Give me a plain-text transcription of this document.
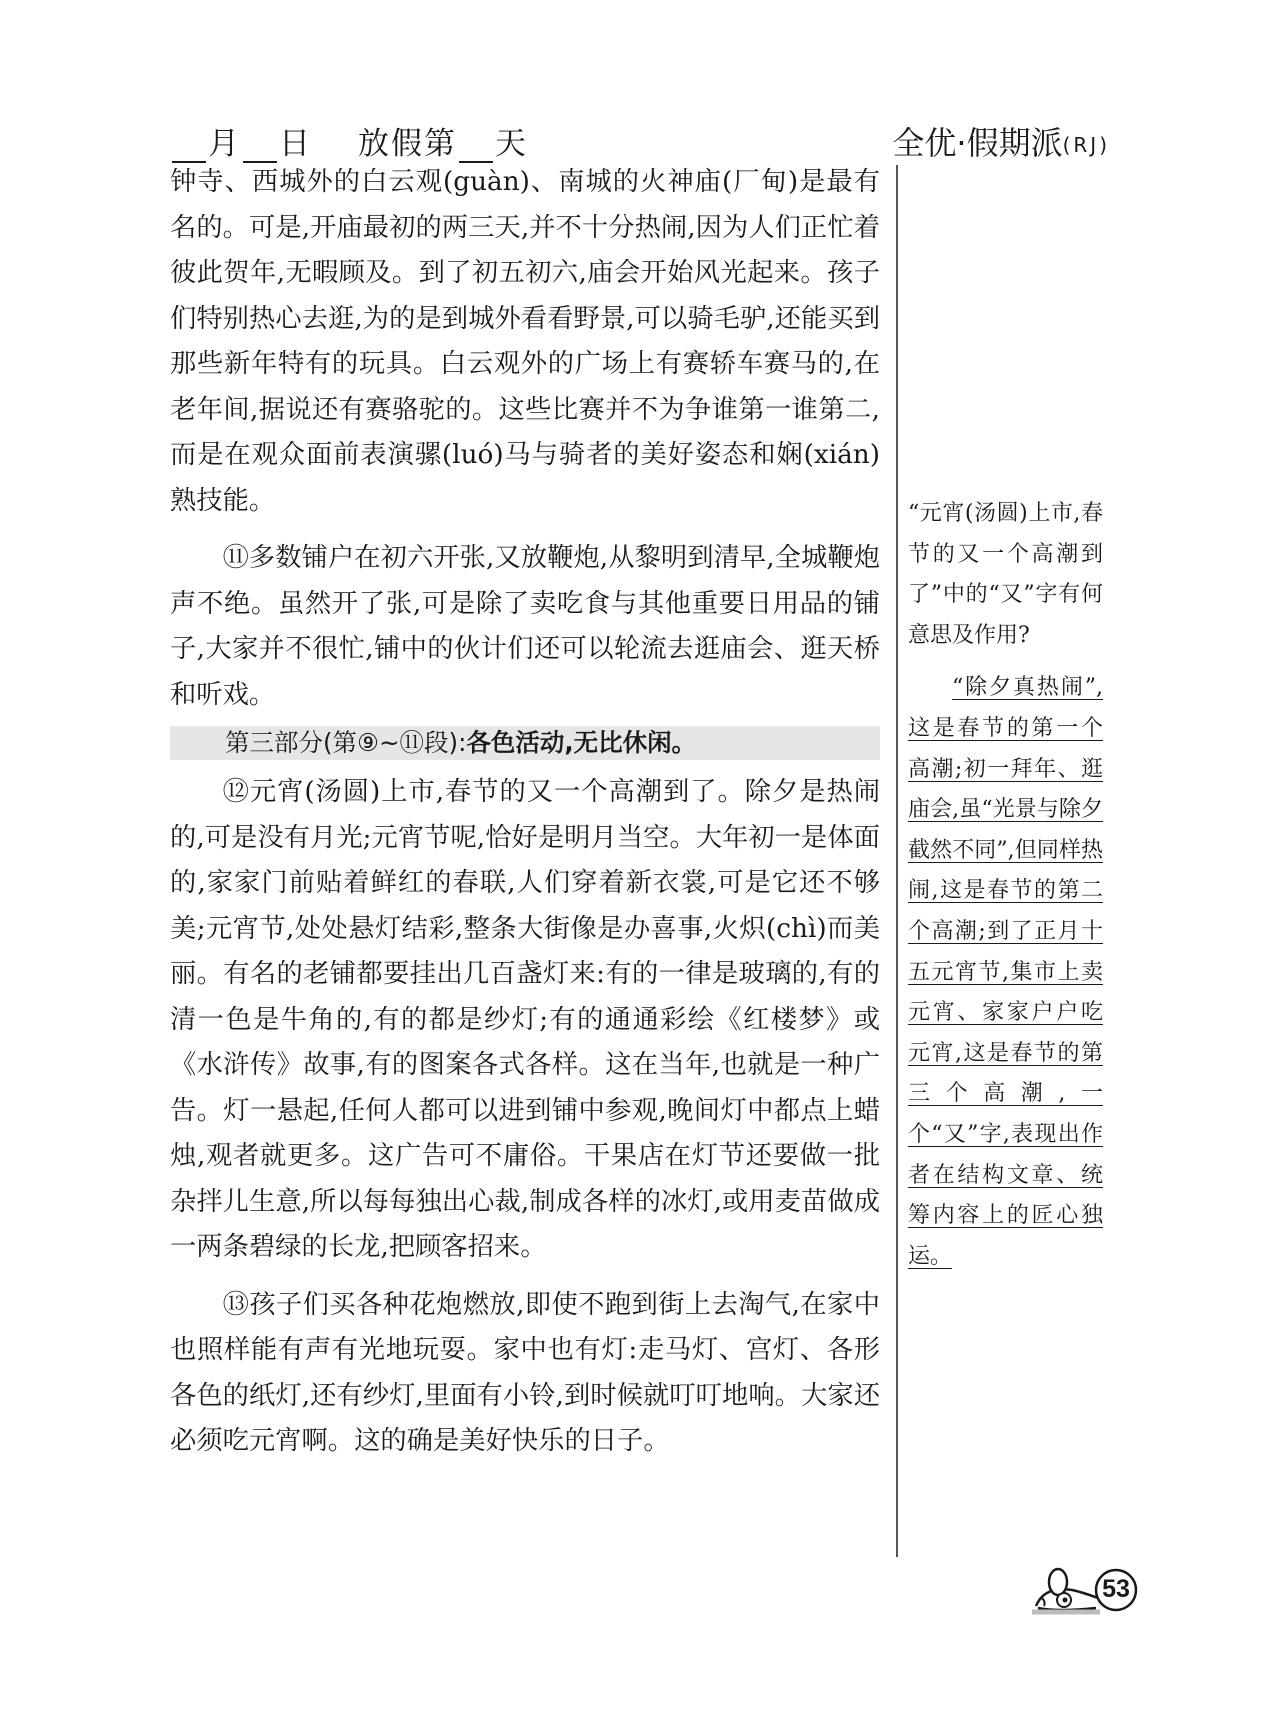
月 日 放假第 天	全优·假期派(RJ)

钟寺、西城外的白云观(guàn)、南城的火神庙(厂甸)是最有名的。可是,开庙最初的两三天,并不十分热闹,因为人们正忙着彼此贺年,无暇顾及。到了初五初六,庙会开始风光起来。孩子们特别热心去逛,为的是到城外看看野景,可以骑毛驴,还能买到那些新年特有的玩具。白云观外的广场上有赛轿车赛马的,在老年间,据说还有赛骆驼的。这些比赛并不为争谁第一谁第二,而是在观众面前表演骡(luó)马与骑者的美好姿态和娴(xián)熟技能。

⑪多数铺户在初六开张,又放鞭炮,从黎明到清早,全城鞭炮声不绝。虽然开了张,可是除了卖吃食与其他重要日用品的铺子,大家并不很忙,铺中的伙计们还可以轮流去逛庙会、逛天桥和听戏。

第三部分(第⑨~⑪段):各色活动,无比休闲。

⑫元宵(汤圆)上市,春节的又一个高潮到了。除夕是热闹的,可是没有月光;元宵节呢,恰好是明月当空。大年初一是体面的,家家门前贴着鲜红的春联,人们穿着新衣裳,可是它还不够美;元宵节,处处悬灯结彩,整条大街像是办喜事,火炽(chì)而美丽。有名的老铺都要挂出几百盏灯来:有的一律是玻璃的,有的清一色是牛角的,有的都是纱灯;有的通通彩绘《红楼梦》或《水浒传》故事,有的图案各式各样。这在当年,也就是一种广告。灯一悬起,任何人都可以进到铺中参观,晚间灯中都点上蜡烛,观者就更多。这广告可不庸俗。干果店在灯节还要做一批杂拌儿生意,所以每每独出心裁,制成各样的冰灯,或用麦苗做成一两条碧绿的长龙,把顾客招来。

⑬孩子们买各种花炮燃放,即使不跑到街上去淘气,在家中也照样能有声有光地玩耍。家中也有灯:走马灯、宫灯、各形各色的纸灯,还有纱灯,里面有小铃,到时候就叮叮地响。大家还必须吃元宵啊。这的确是美好快乐的日子。

“元宵(汤圆)上市,春节的又一个高潮到了”中的“又”字有何意思及作用?

“除夕真热闹”,这是春节的第一个高潮;初一拜年、逛庙会,虽“光景与除夕截然不同”,但同样热闹,这是春节的第二个高潮;到了正月十五元宵节,集市上卖元宵、家家户户吃元宵,这是春节的第三个高潮,一个“又”字,表现出作者在结构文章、统筹内容上的匠心独运。

53
